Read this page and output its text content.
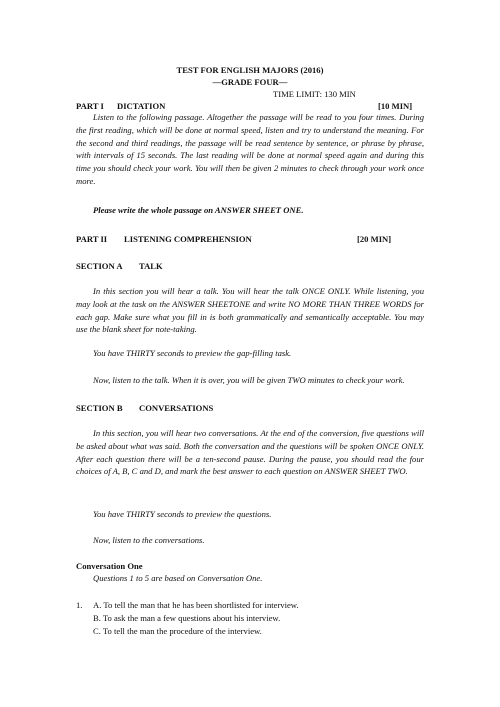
TEST FOR ENGLISH MAJORS (2016)
—GRADE FOUR—
TIME LIMIT: 130 MIN
PART I DICTATION	[10 MIN]

Listen to the following passage. Altogether the passage will be read to you four times. During the first reading, which will be done at normal speed, listen and try to understand the meaning. For the second and third readings, the passage will be read sentence by sentence, or phrase by phrase, with intervals of 15 seconds. The last reading will be done at normal speed again and during this time you should check your work. You will then be given 2 minutes to check through your work once more.

Please write the whole passage on ANSWER SHEET ONE.
PART II LISTENING COMPREHENSION	[20 MIN]
SECTION A TALK

In this section you will hear a talk. You will hear the talk ONCE ONLY. While listening, you may look at the task on the ANSWER SHEETONE and write NO MORE THAN THREE WORDS for each gap. Make sure what you fill in is both grammatically and semantically acceptable. You may use the blank sheet for note-taking.

You have THIRTY seconds to preview the gap-filling task.
Now, listen to the talk. When it is over, you will be given TWO minutes to check your work.
SECTION B CONVERSATIONS

In this section, you will hear two conversations. At the end of the conversion, five questions will be asked about what was said. Both the conversation and the questions will be spoken ONCE ONLY. After each question there will be a ten-second pause. During the pause, you should read the four choices of A, B, C and D, and mark the best answer to each question on ANSWER SHEET TWO.

You have THIRTY seconds to preview the questions.
Now, listen to the conversations.
Conversation One
Questions 1 to 5 are based on Conversation One.
1. A. To tell the man that he has been shortlisted for interview.
B. To ask the man a few questions about his interview.
C. To tell the man the procedure of the interview.
